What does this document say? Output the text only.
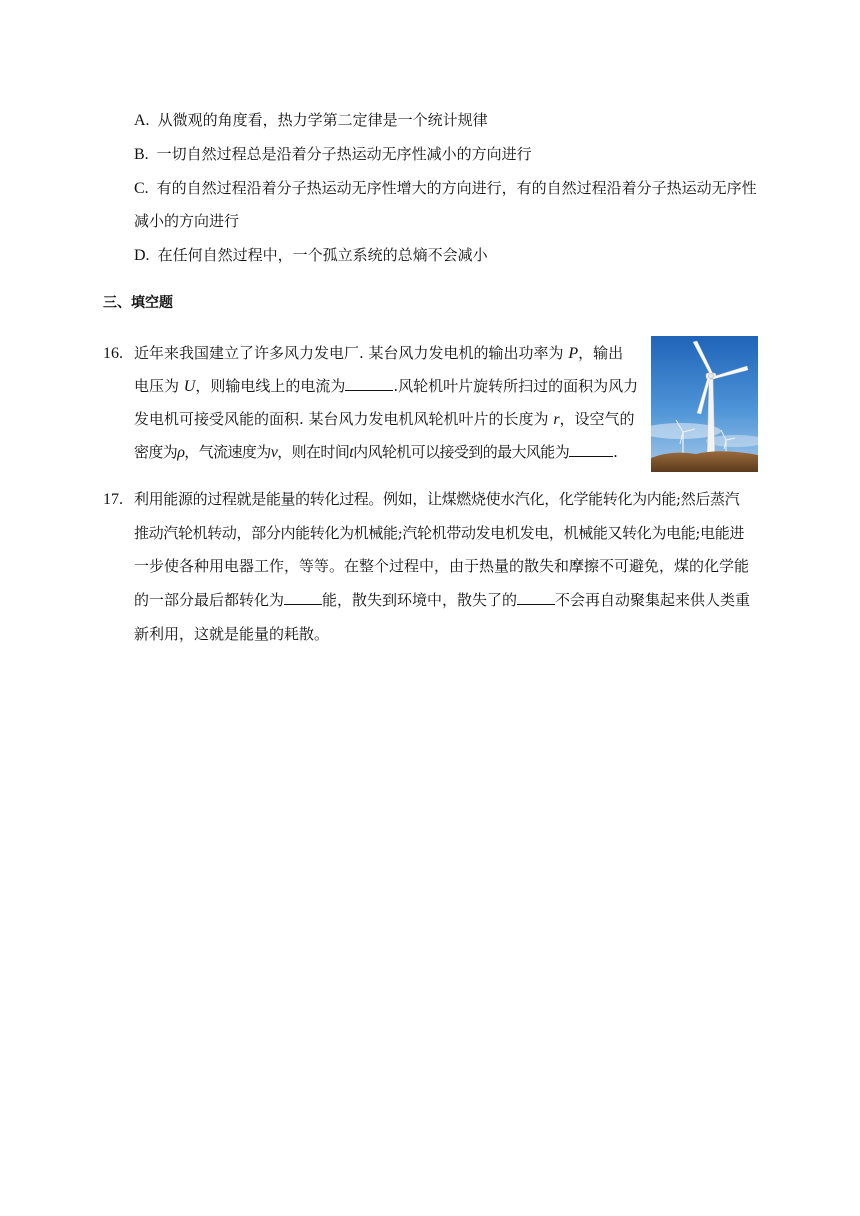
A. 从微观的角度看，热力学第二定律是一个统计规律
B. 一切自然过程总是沿着分子热运动无序性减小的方向进行
C. 有的自然过程沿着分子热运动无序性增大的方向进行，有的自然过程沿着分子热运动无序性
减小的方向进行
D. 在任何自然过程中，一个孤立系统的总熵不会减小
三、填空题
16. 近年来我国建立了许多风力发电厂. 某台风力发电机的输出功率为 P，输出
电压为 U，则输电线上的电流为	.风轮机叶片旋转所扫过的面积为风力
发电机可接受风能的面积. 某台风力发电机风轮机叶片的长度为 r，设空气的
密度为ρ，气流速度为v，则在时间t内风轮机可以接受到的最大风能为	.
17. 利用能源的过程就是能量的转化过程。例如，让煤燃烧使水汽化，化学能转化为内能;然后蒸汽
推动汽轮机转动，部分内能转化为机械能;汽轮机带动发电机发电，机械能又转化为电能;电能进
一步使各种用电器工作，等等。在整个过程中，由于热量的散失和摩擦不可避免，煤的化学能
的一部分最后都转化为	能，散失到环境中，散失了的	不会再自动聚集起来供人类重
新利用，这就是能量的耗散。
